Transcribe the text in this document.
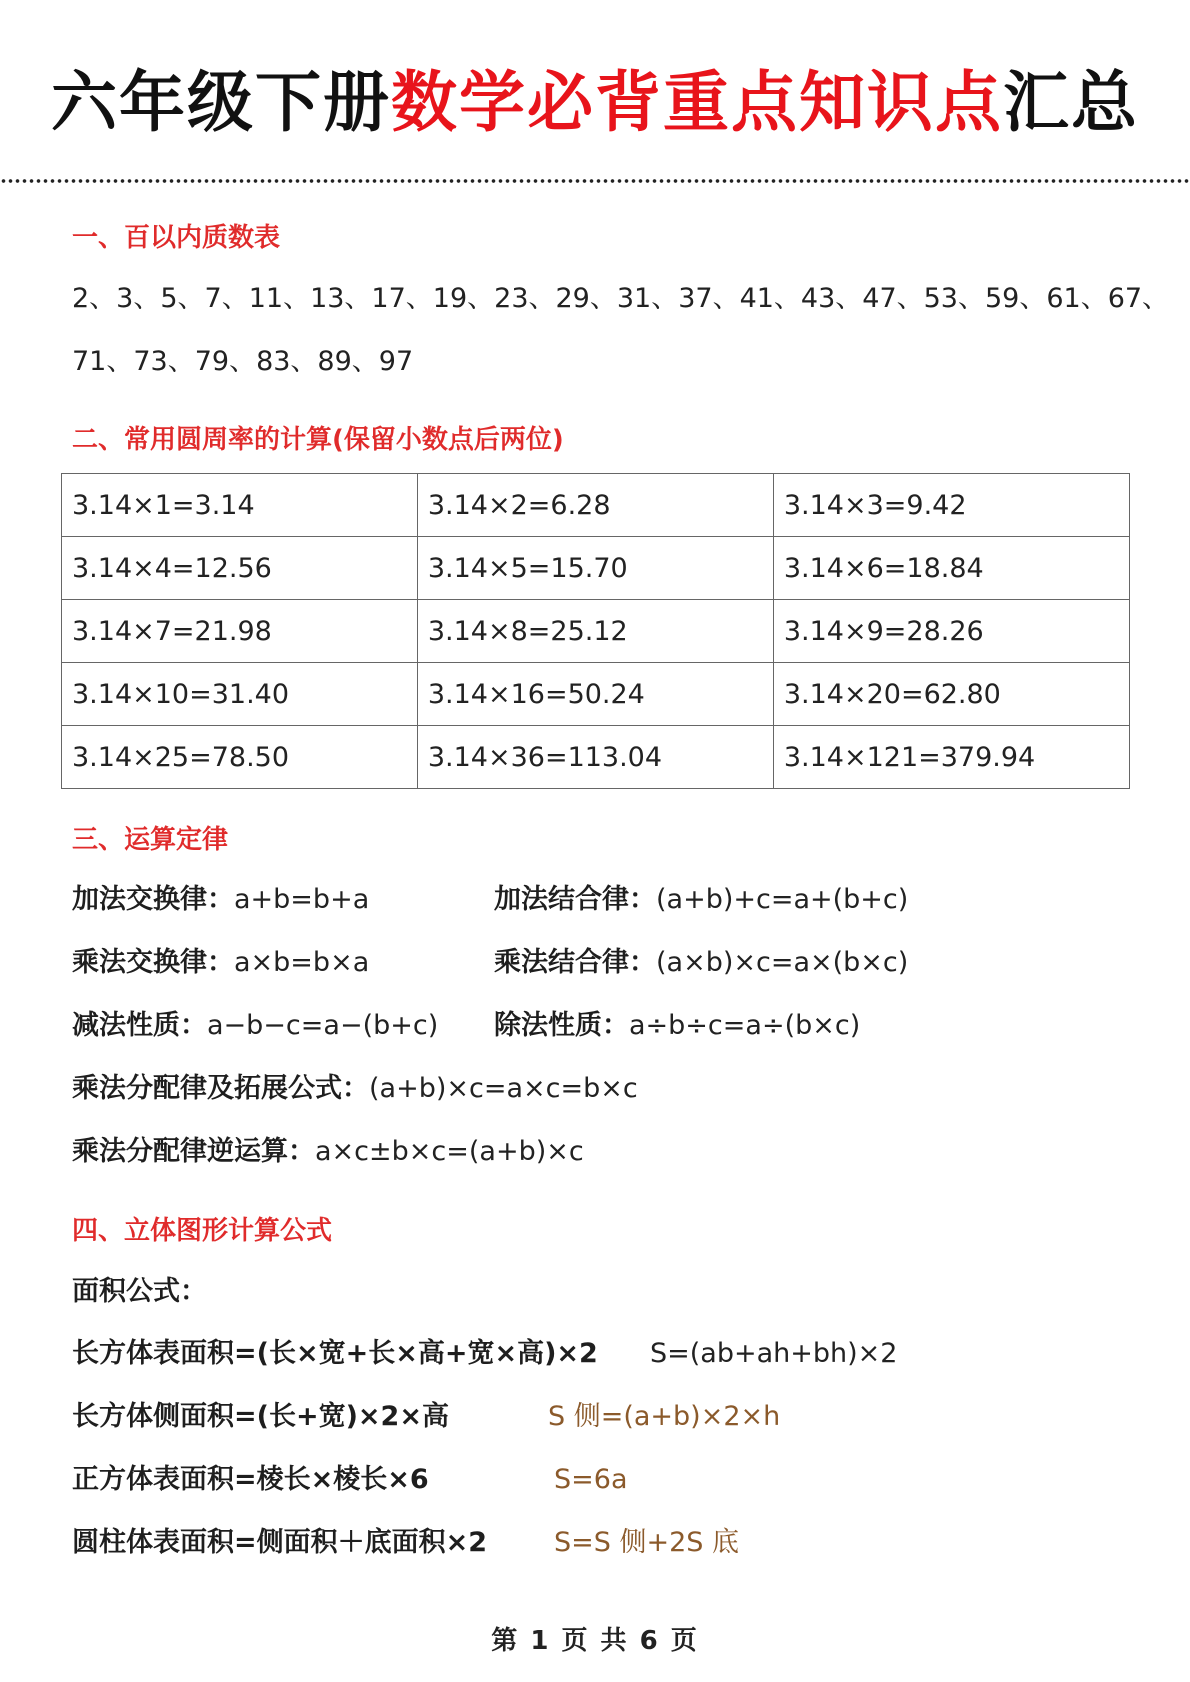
六年级下册数学必背重点知识点汇总
一、百以内质数表
2、3、5、7、11、13、17、19、23、29、31、37、41、43、47、53、59、61、67、
71、73、79、83、89、97
二、常用圆周率的计算(保留小数点后两位)
3.14×1=3.14	3.14×2=6.28	3.14×3=9.42
3.14×4=12.56	3.14×5=15.70	3.14×6=18.84
3.14×7=21.98	3.14×8=25.12	3.14×9=28.26
3.14×10=31.40	3.14×16=50.24	3.14×20=62.80
3.14×25=78.50	3.14×36=113.04	3.14×121=379.94
三、运算定律
加法交换律：a+b=b+a	加法结合律：(a+b)+c=a+(b+c)
乘法交换律：a×b=b×a	乘法结合律：(a×b)×c=a×(b×c)
减法性质：a−b−c=a−(b+c) 除法性质：a÷b÷c=a÷(b×c)
乘法分配律及拓展公式：(a+b)×c=a×c=b×c
乘法分配律逆运算：a×c±b×c=(a+b)×c
四、立体图形计算公式
面积公式：
长方体表面积=(长×宽+长×高+宽×高)×2 S=(ab+ah+bh)×2
长方体侧面积=(长+宽)×2×高	S 侧=(a+b)×2×h
正方体表面积=棱长×棱长×6	S=6a
圆柱体表面积=侧面积＋底面积×2 S=S 侧+2S 底
第 1 页 共 6 页
